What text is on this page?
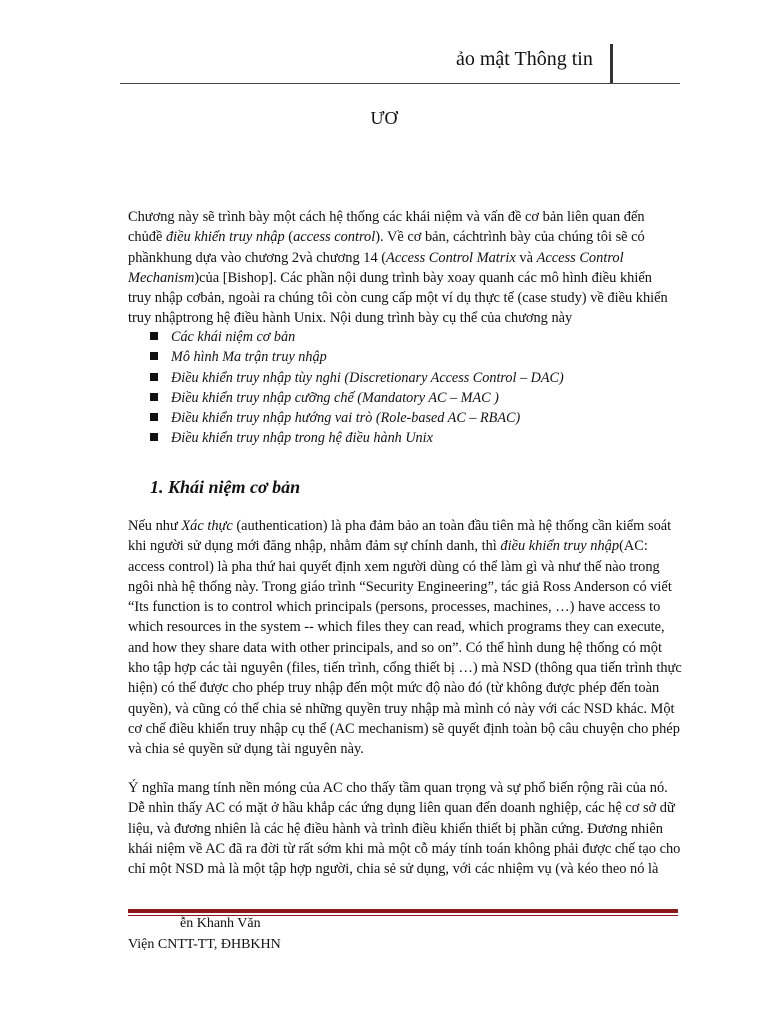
ảo mật Thông tin
ƯƠ

Chương này sẽ trình bày một cách hệ thống các khái niệm và vấn đề cơ bản liên quan đến chủđề điều khiển truy nhập (access control). Về cơ bản, cáchtrình bày của chúng tôi sẽ có phầnkhung dựa vào chương 2và chương 14 (Access Control Matrix và Access Control Mechanism)của [Bishop]. Các phần nội dung trình bày xoay quanh các mô hình điều khiển truy nhập cơbản, ngoài ra chúng tôi còn cung cấp một ví dụ thực tế (case study) về điều khiển truy nhậptrong hệ điều hành Unix. Nội dung trình bày cụ thể của chương này

Các khái niệm cơ bản
Mô hình Ma trận truy nhập
Điều khiển truy nhập tùy nghi (Discretionary Access Control – DAC)
Điều khiển truy nhập cưỡng chế (Mandatory AC – MAC )
Điều khiển truy nhập hướng vai trò (Role-based AC – RBAC)
Điều khiển truy nhập trong hệ điều hành Unix
1. Khái niệm cơ bản

Nếu như Xác thực (authentication) là pha đảm bảo an toàn đầu tiên mà hệ thống cần kiểm soát
khi người sử dụng mới đăng nhập, nhằm đảm sự chính danh, thì điều khiển truy nhập(AC:
access control) là pha thứ hai quyết định xem người dùng có thể làm gì và như thế nào trong
ngôi nhà hệ thống này. Trong giáo trình “Security Engineering”, tác giả Ross Anderson có viết
“Its function is to control which principals (persons, processes, machines, …) have access to
which resources in the system -- which files they can read, which programs they can execute,
and how they share data with other principals, and so on”. Có thể hình dung hệ thống có một
kho tập hợp các tài nguyên (files, tiến trình, cổng thiết bị …) mà NSD (thông qua tiến trình thực
hiện) có thể được cho phép truy nhập đến một mức độ nào đó (từ không được phép đến toàn
quyền), và cũng có thể chia sẻ những quyền truy nhập mà mình có này với các NSD khác. Một
cơ chế điều khiển truy nhập cụ thể (AC mechanism) sẽ quyết định toàn bộ câu chuyện cho phép
và chia sẻ quyền sử dụng tài nguyên này.

Ý nghĩa mang tính nền móng của AC cho thấy tầm quan trọng và sự phổ biến rộng rãi của nó.
Dễ nhìn thấy AC có mặt ở hầu khắp các ứng dụng liên quan đến doanh nghiệp, các hệ cơ sở dữ
liệu, và đương nhiên là các hệ điều hành và trình điều khiển thiết bị phần cứng. Đương nhiên
khái niệm về AC đã ra đời từ rất sớm khi mà một cỗ máy tính toán không phải được chế tạo cho
chỉ một NSD mà là một tập hợp người, chia sẻ sử dụng, với các nhiệm vụ (và kéo theo nó là

ễn Khanh Văn
Viện CNTT-TT, ĐHBKHN
